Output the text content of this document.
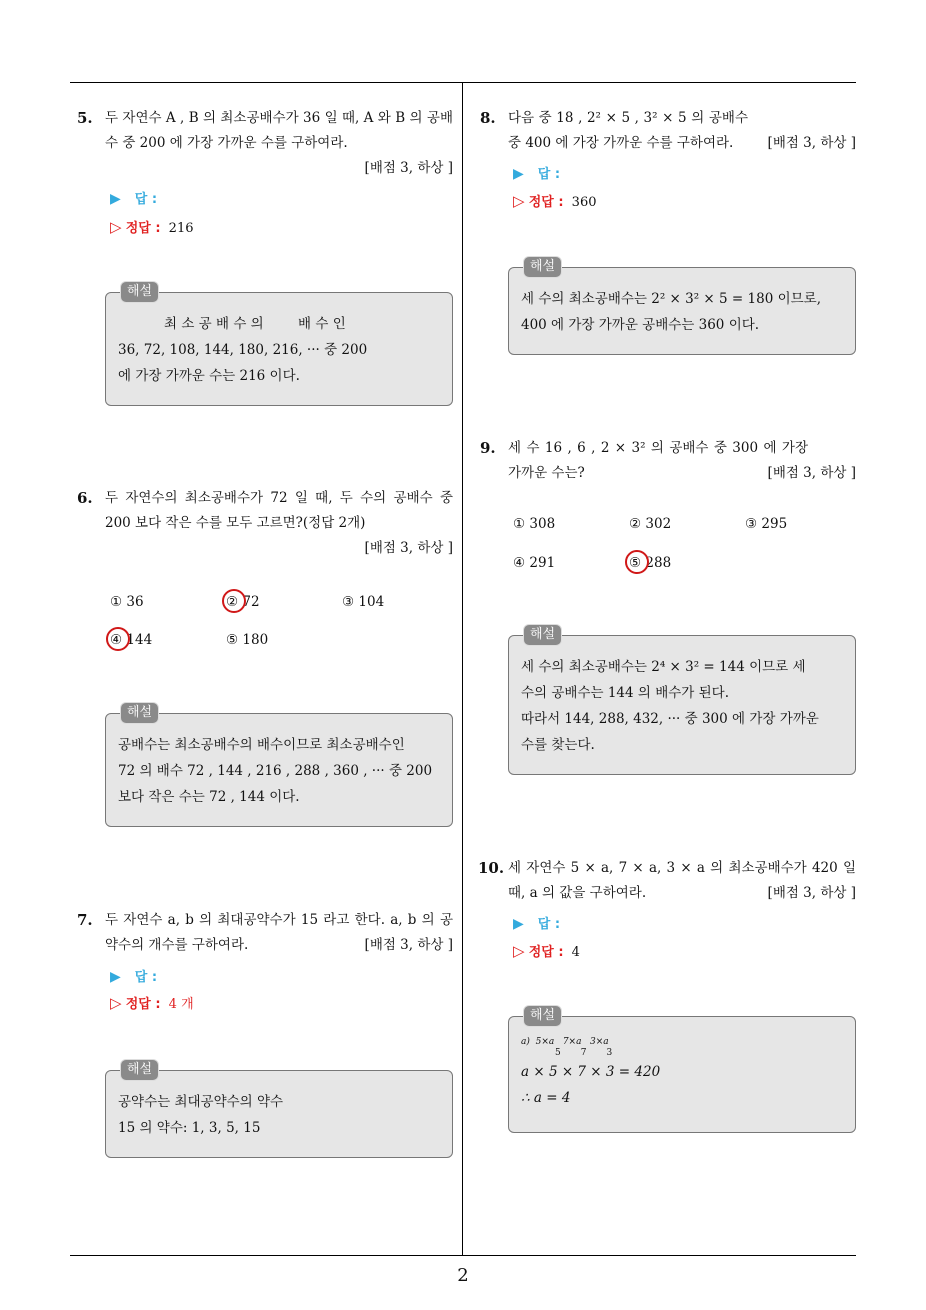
2
5. 두 자연수 A , B 의 최소공배수가 36 일 때, A 와 B 의 공배수 중 200 에 가장 가까운 수를 구하여라.
[배점 3, 하상 ]
▶ 답 :
▷ 정답 : 216
해설
최 소 공 배 수 의        배 수 인
36, 72, 108, 144, 180, 216, ··· 중 200
에 가장 가까운 수는 216 이다.
6. 두 자연수의 최소공배수가 72 일 때, 두 수의 공배수 중 200 보다 작은 수를 모두 고르면?(정답 2개)
[배점 3, 하상 ]
① 36	② 72	③ 104
④ 144	⑤ 180
해설
공배수는 최소공배수의 배수이므로 최소공배수인
72 의 배수 72 , 144 , 216 , 288 , 360 , ··· 중 200
보다 작은 수는 72 , 144 이다.
7. 두 자연수 a, b 의 최대공약수가 15 라고 한다. a, b 의 공약수의 개수를 구하여라.	[배점 3, 하상 ]
▶ 답 :
▷ 정답 : 4 개
해설
공약수는 최대공약수의 약수
15 의 약수: 1, 3, 5, 15
8. 다음 중 18 , 2² × 5 , 3² × 5 의 공배수 중 400 에 가장 가까운 수를 구하여라.	[배점 3, 하상 ]
▶ 답 :
▷ 정답 : 360
해설
세 수의 최소공배수는 2² × 3² × 5 = 180 이므로,
400 에 가장 가까운 공배수는 360 이다.
9. 세 수 16 , 6 , 2 × 3² 의 공배수 중 300 에 가장 가까운 수는?	[배점 3, 하상 ]
① 308	② 302	③ 295
④ 291	⑤ 288
해설
세 수의 최소공배수는 2⁴ × 3² = 144 이므로 세
수의 공배수는 144 의 배수가 된다.
따라서 144, 288, 432, ··· 중 300 에 가장 가까운
수를 찾는다.
10. 세 자연수 5 × a, 7 × a, 3 × a 의 최소공배수가 420 일 때, a 의 값을 구하여라.	[배점 3, 하상 ]
▶ 답 :
▷ 정답 : 4
해설
a)  5×a   7×a   3×a
5       7       3
a × 5 × 7 × 3 = 420
∴ a = 4
